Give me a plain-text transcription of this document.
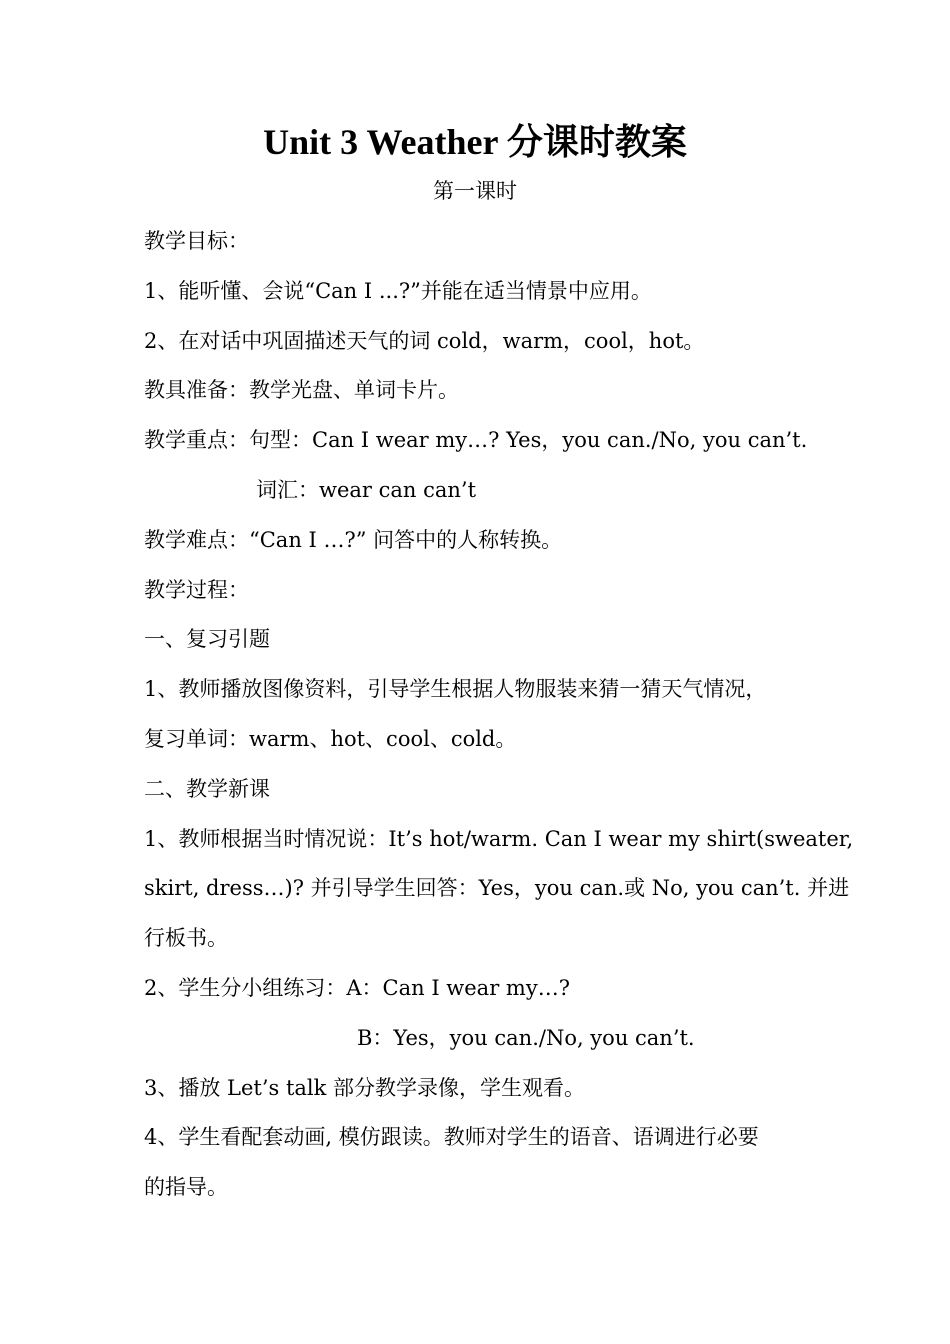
Unit 3 Weather 分课时教案
第一课时
教学目标：
1、能听懂、会说“Can I ...?”并能在适当情景中应用。
2、在对话中巩固描述天气的词 cold，warm，cool，hot。
教具准备：教学光盘、单词卡片。
教学重点：句型：Can I wear my…? Yes，you can./No, you can’t.
词汇：wear can can’t
教学难点：“Can I …?” 问答中的人称转换。
教学过程：
一、复习引题
1、教师播放图像资料，引导学生根据人物服装来猜一猜天气情况，
复习单词：warm、hot、cool、cold。
二、教学新课
1、教师根据当时情况说：It’s hot/warm. Can I wear my shirt(sweater,
skirt, dress…)? 并引导学生回答：Yes，you can.或 No, you can’t. 并进
行板书。
2、学生分小组练习：A：Can I wear my…?
B：Yes，you can./No, you can’t.
3、播放 Let’s talk 部分教学录像，学生观看。
4、学生看配套动画, 模仿跟读。教师对学生的语音、语调进行必要
的指导。
